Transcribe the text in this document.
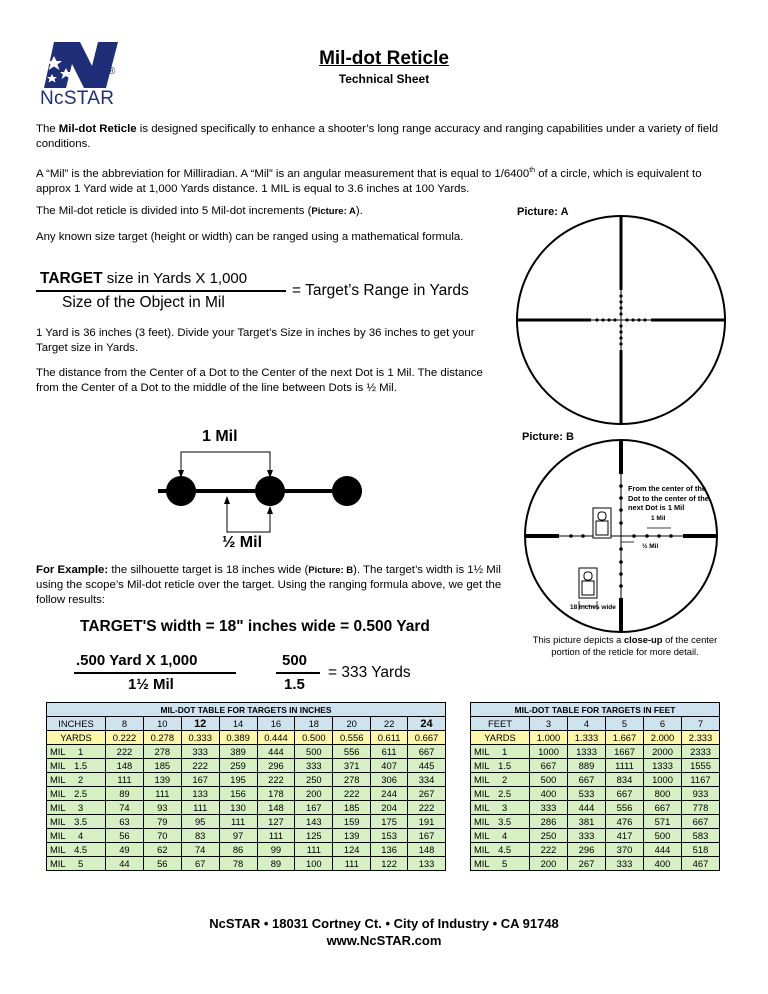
®
NcSTAR
Mil-dot Reticle
Technical Sheet

The Mil-dot Reticle is designed specifically to enhance a shooter’s long range accuracy and ranging capabilities under a variety of field conditions.

A “Mil” is the abbreviation for Milliradian. A “Mil” is an angular measurement that is equal to 1/6400th of a circle, which is equivalent to approx 1 Yard wide at 1,000 Yards distance. 1 MIL is equal to 3.6 inches at 100 Yards.

The Mil-dot reticle is divided into 5 Mil-dot increments (Picture: A).

Any known size target (height or width) can be ranged using a mathematical formula.

TARGET size in Yards X 1,000
Size of the Object in Mil
= Target’s Range in Yards

1 Yard is 36 inches (3 feet). Divide your Target’s Size in inches by 36 inches to get your Target size in Yards.

The distance from the Center of a Dot to the Center of the next Dot is 1 Mil. The distance from the Center of a Dot to the middle of the line between Dots is ½ Mil.

1 Mil
½ Mil

For Example: the silhouette target is 18 inches wide (Picture: B). The target’s width is 1½ Mil using the scope’s Mil-dot reticle over the target. Using the ranging formula above, we get the follow results:

TARGET'S width = 18" inches wide = 0.500 Yard
.500 Yard X 1,000
1½ Mil
500
1.5
= 333 Yards
Picture: A
Picture: B
From the center of the Dot to the center of the next Dot is 1 Mil
1 Mil
½ Mil
18 inches wide

This picture depicts a close-up of the center portion of the reticle for more detail.

MIL-DOT TABLE FOR TARGETS IN INCHES									
INCHES	8	10	12	14	16	18	20	22	24
YARDS	0.222	0.278	0.333	0.389	0.444	0.500	0.556	0.611	0.667
MIL 1	222	278	333	389	444	500	556	611	667
MIL 1.5	148	185	222	259	296	333	371	407	445
MIL 2	111	139	167	195	222	250	278	306	334
MIL 2.5	89	111	133	156	178	200	222	244	267
MIL 3	74	93	111	130	148	167	185	204	222
MIL 3.5	63	79	95	111	127	143	159	175	191
MIL 4	56	70	83	97	111	125	139	153	167
MIL 4.5	49	62	74	86	99	111	124	136	148
MIL 5	44	56	67	78	89	100	111	122	133
MIL-DOT TABLE FOR TARGETS IN FEET					
FEET	3	4	5	6	7
YARDS	1.000	1.333	1.667	2.000	2.333
MIL 1	1000	1333	1667	2000	2333
MIL 1.5	667	889	1111	1333	1555
MIL 2	500	667	834	1000	1167
MIL 2.5	400	533	667	800	933
MIL 3	333	444	556	667	778
MIL 3.5	286	381	476	571	667
MIL 4	250	333	417	500	583
MIL 4.5	222	296	370	444	518
MIL 5	200	267	333	400	467
NcSTAR • 18031 Cortney Ct. • City of Industry • CA 91748
www.NcSTAR.com
